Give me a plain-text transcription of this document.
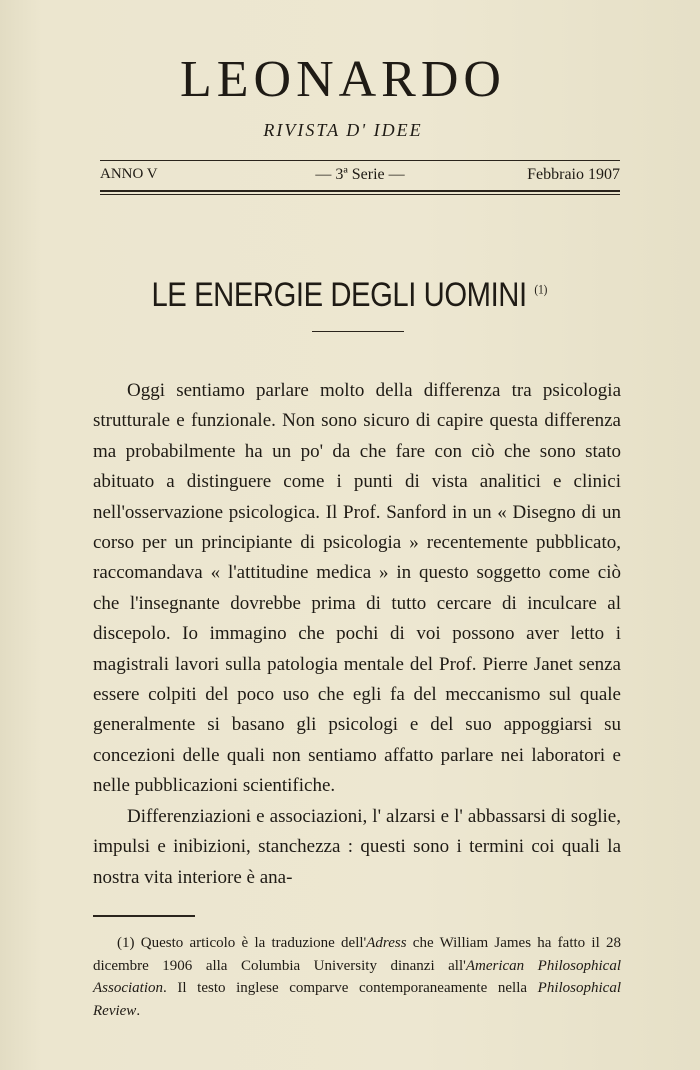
LEONARDO
RIVISTA D' IDEE
ANNO V	— 3ª Serie —	Febbraio 1907
LE ENERGIE DEGLI UOMINI $^{(1)}$

Oggi sentiamo parlare molto della differenza tra psicologia strutturale e funzionale. Non sono sicuro di capire questa differenza ma probabilmente ha un po' da che fare con ciò che sono stato abituato a distinguere come i punti di vista analitici e clinici nell'osservazione psicologica. Il Prof. Sanford in un « Disegno di un corso per un principiante di psicologia » recentemente pubblicato, raccomandava « l'attitudine medica » in questo soggetto come ciò che l'insegnante dovrebbe prima di tutto cercare di inculcare al discepolo. Io immagino che pochi di voi possono aver letto i magistrali lavori sulla patologia mentale del Prof. Pierre Janet senza essere colpiti del poco uso che egli fa del meccanismo sul quale generalmente si basano gli psicologi e del suo appoggiarsi su concezioni delle quali non sentiamo affatto parlare nei laboratori e nelle pubblicazioni scientifiche.

Differenziazioni e associazioni, l' alzarsi e l' abbassarsi di soglie, impulsi e inibizioni, stanchezza : questi sono i termini coi quali la nostra vita interiore è ana-

(1) Questo articolo è la traduzione dell'Adress che William James ha fatto il 28 dicembre 1906 alla Columbia University dinanzi all'American Philosophical Association. Il testo inglese comparve contemporaneamente nella Philosophical Review.
